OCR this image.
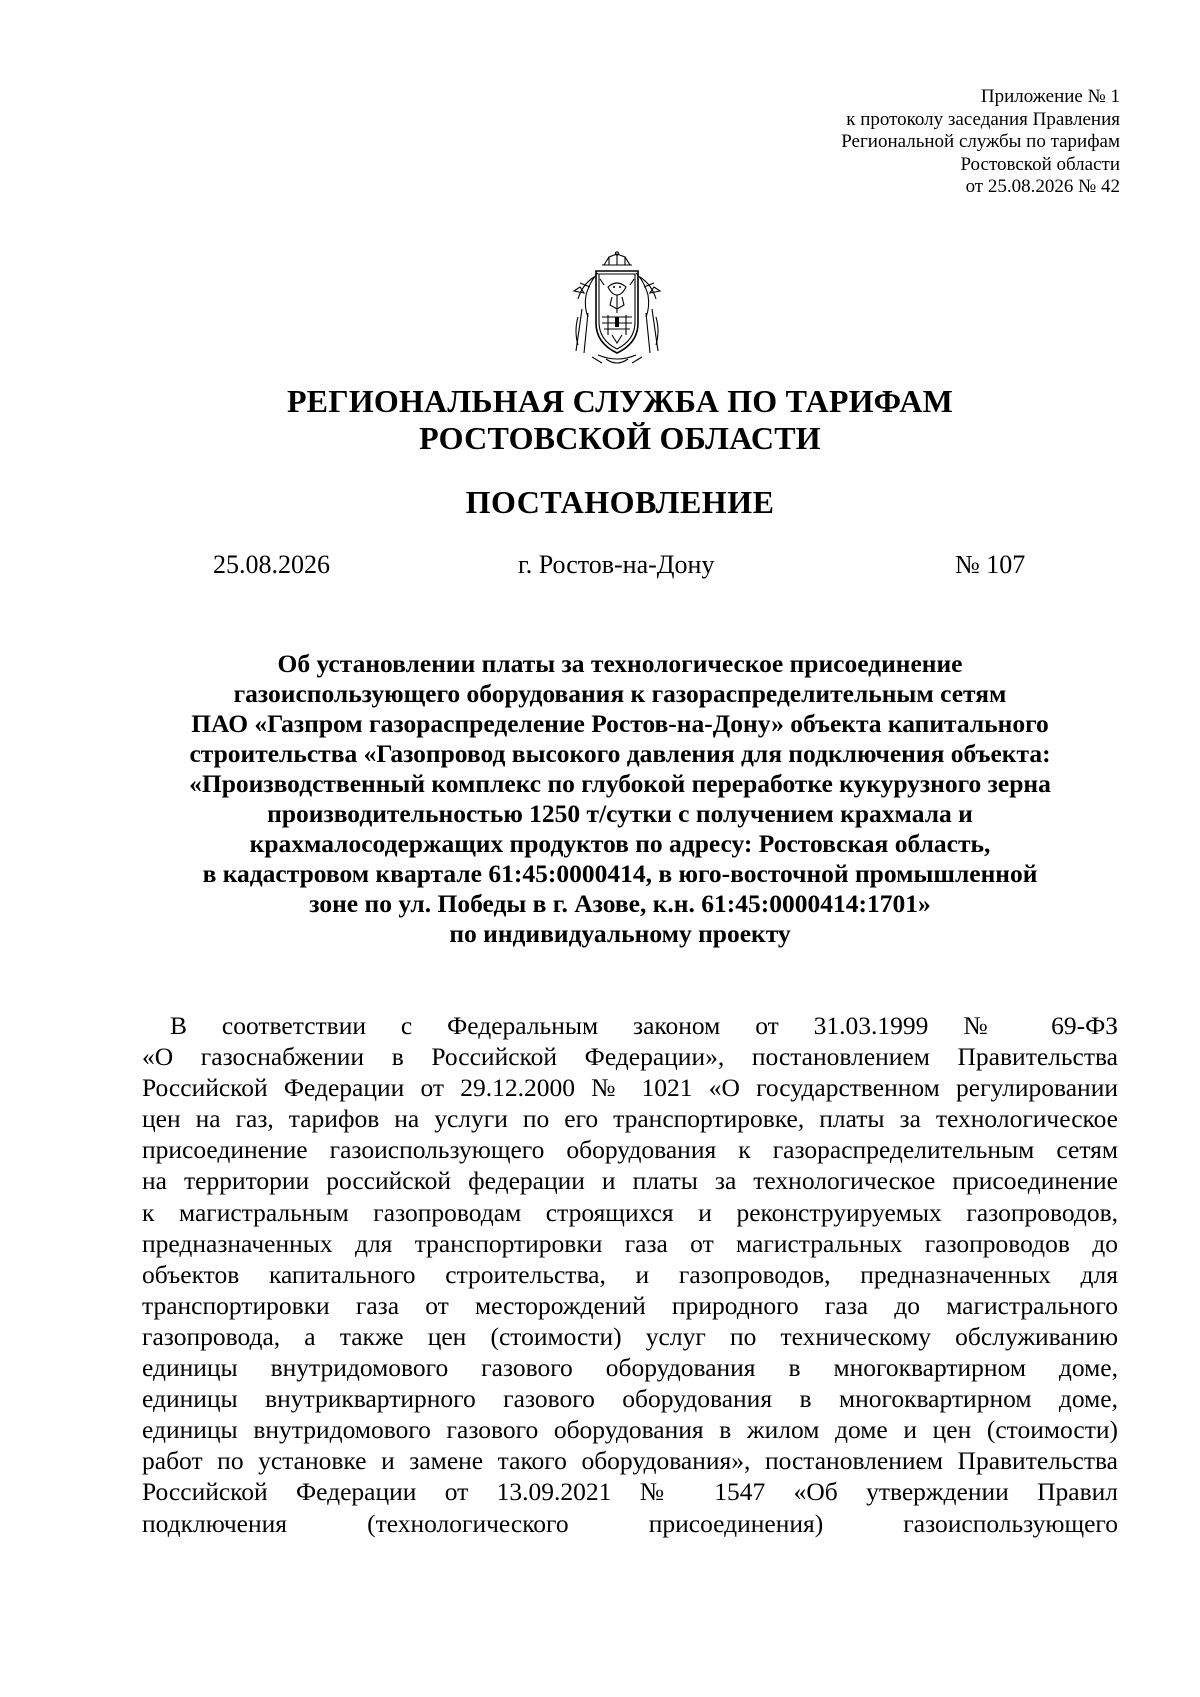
Приложение № 1
к протоколу заседания Правления
Региональной службы по тарифам
Ростовской области
от 25.08.2026 № 42
РЕГИОНАЛЬНАЯ СЛУЖБА ПО ТАРИФАМ
РОСТОВСКОЙ ОБЛАСТИ
ПОСТАНОВЛЕНИЕ
25.08.2026	г. Ростов-на-Дону	№ 107
Об установлении платы за технологическое присоединение
газоиспользующего оборудования к газораспределительным сетям
ПАО «Газпром газораспределение Ростов-на-Дону» объекта капитального
строительства «Газопровод высокого давления для подключения объекта:
«Производственный комплекс по глубокой переработке кукурузного зерна
производительностью 1250 т/сутки с получением крахмала и
крахмалосодержащих продуктов по адресу: Ростовская область,
в кадастровом квартале 61:45:0000414, в юго-восточной промышленной
зоне по ул. Победы в г. Азове, к.н. 61:45:0000414:1701»
по индивидуальному проекту
В соответствии с Федеральным законом от 31.03.1999 № 69-ФЗ
«О газоснабжении в Российской Федерации», постановлением Правительства
Российской Федерации от 29.12.2000 № 1021 «О государственном регулировании
цен на газ, тарифов на услуги по его транспортировке, платы за технологическое
присоединение газоиспользующего оборудования к газораспределительным сетям
на территории российской федерации и платы за технологическое присоединение
к магистральным газопроводам строящихся и реконструируемых газопроводов,
предназначенных для транспортировки газа от магистральных газопроводов до
объектов капитального строительства, и газопроводов, предназначенных для
транспортировки газа от месторождений природного газа до магистрального
газопровода, а также цен (стоимости) услуг по техническому обслуживанию
единицы внутридомового газового оборудования в многоквартирном доме,
единицы внутриквартирного газового оборудования в многоквартирном доме,
единицы внутридомового газового оборудования в жилом доме и цен (стоимости)
работ по установке и замене такого оборудования», постановлением Правительства
Российской Федерации от 13.09.2021 № 1547 «Об утверждении Правил
подключения (технологического присоединения) газоиспользующего
